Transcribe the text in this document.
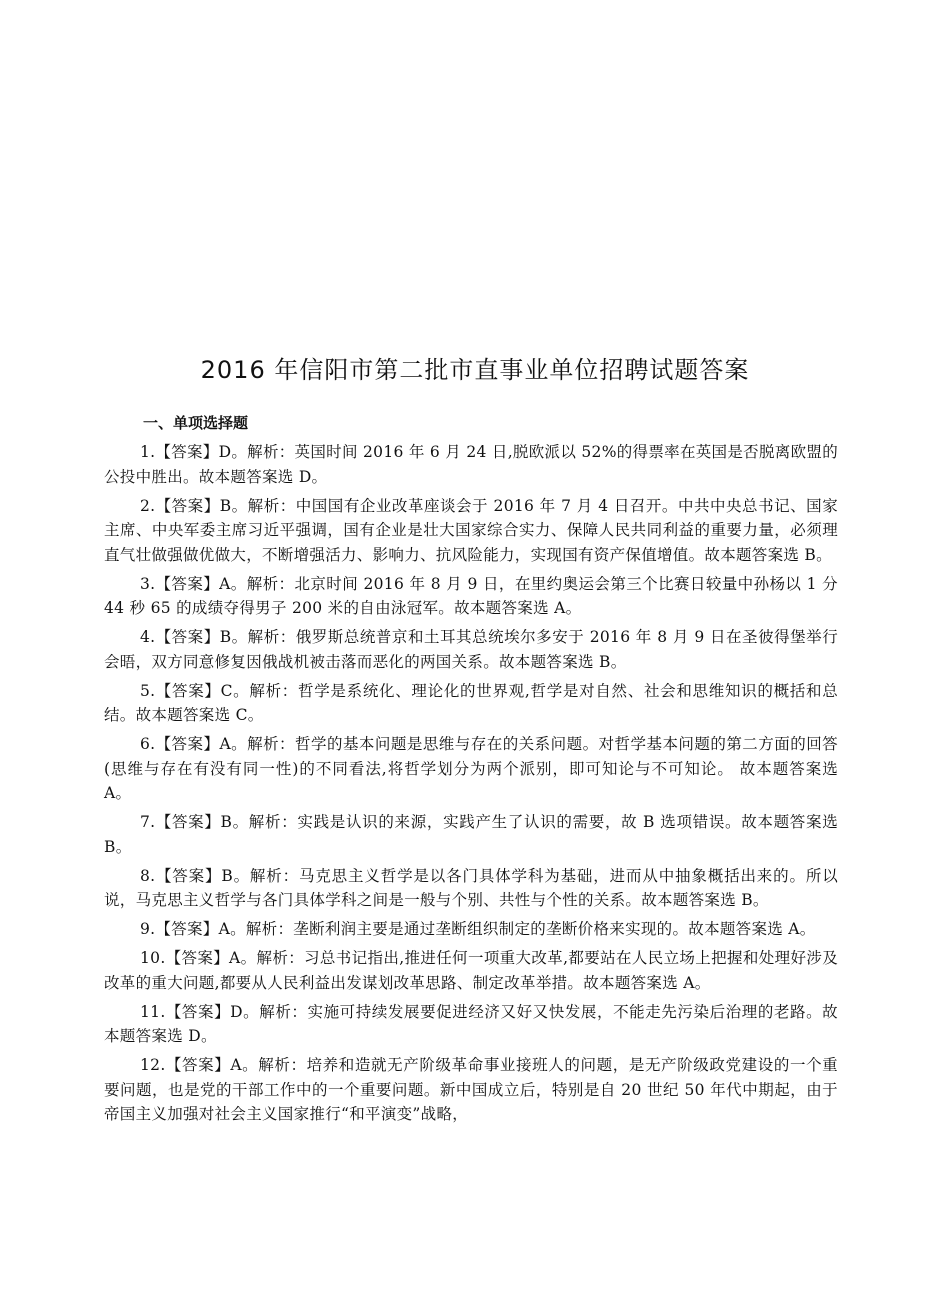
2016 年信阳市第二批市直事业单位招聘试题答案
一、单项选择题

1.【答案】D。解析：英国时间 2016 年 6 月 24 日,脱欧派以 52%的得票率在英国是否脱离欧盟的公投中胜出。故本题答案选 D。

2.【答案】B。解析：中国国有企业改革座谈会于 2016 年 7 月 4 日召开。中共中央总书记、国家主席、中央军委主席习近平强调，国有企业是壮大国家综合实力、保障人民共同利益的重要力量，必须理直气壮做强做优做大，不断增强活力、影响力、抗风险能力，实现国有资产保值增值。故本题答案选 B。

3.【答案】A。解析：北京时间 2016 年 8 月 9 日，在里约奥运会第三个比赛日较量中孙杨以 1 分 44 秒 65 的成绩夺得男子 200 米的自由泳冠军。故本题答案选 A。

4.【答案】B。解析：俄罗斯总统普京和土耳其总统埃尔多安于 2016 年 8 月 9 日在圣彼得堡举行会晤，双方同意修复因俄战机被击落而恶化的两国关系。故本题答案选 B。

5.【答案】C。解析：哲学是系统化、理论化的世界观,哲学是对自然、社会和思维知识的概括和总结。故本题答案选 C。

6.【答案】A。解析：哲学的基本问题是思维与存在的关系问题。对哲学基本问题的第二方面的回答(思维与存在有没有同一性)的不同看法,将哲学划分为两个派别，即可知论与不可知论。 故本题答案选 A。

7.【答案】B。解析：实践是认识的来源，实践产生了认识的需要，故 B 选项错误。故本题答案选 B。

8.【答案】B。解析：马克思主义哲学是以各门具体学科为基础，进而从中抽象概括出来的。所以说，马克思主义哲学与各门具体学科之间是一般与个别、共性与个性的关系。故本题答案选 B。

9.【答案】A。解析：垄断利润主要是通过垄断组织制定的垄断价格来实现的。故本题答案选 A。

10.【答案】A。解析：习总书记指出,推进任何一项重大改革,都要站在人民立场上把握和处理好涉及改革的重大问题,都要从人民利益出发谋划改革思路、制定改革举措。故本题答案选 A。

11.【答案】D。解析：实施可持续发展要促进经济又好又快发展，不能走先污染后治理的老路。故本题答案选 D。

12.【答案】A。解析：培养和造就无产阶级革命事业接班人的问题，是无产阶级政党建设的一个重要问题，也是党的干部工作中的一个重要问题。新中国成立后，特别是自 20 世纪 50 年代中期起，由于帝国主义加强对社会主义国家推行“和平演变”战略，
